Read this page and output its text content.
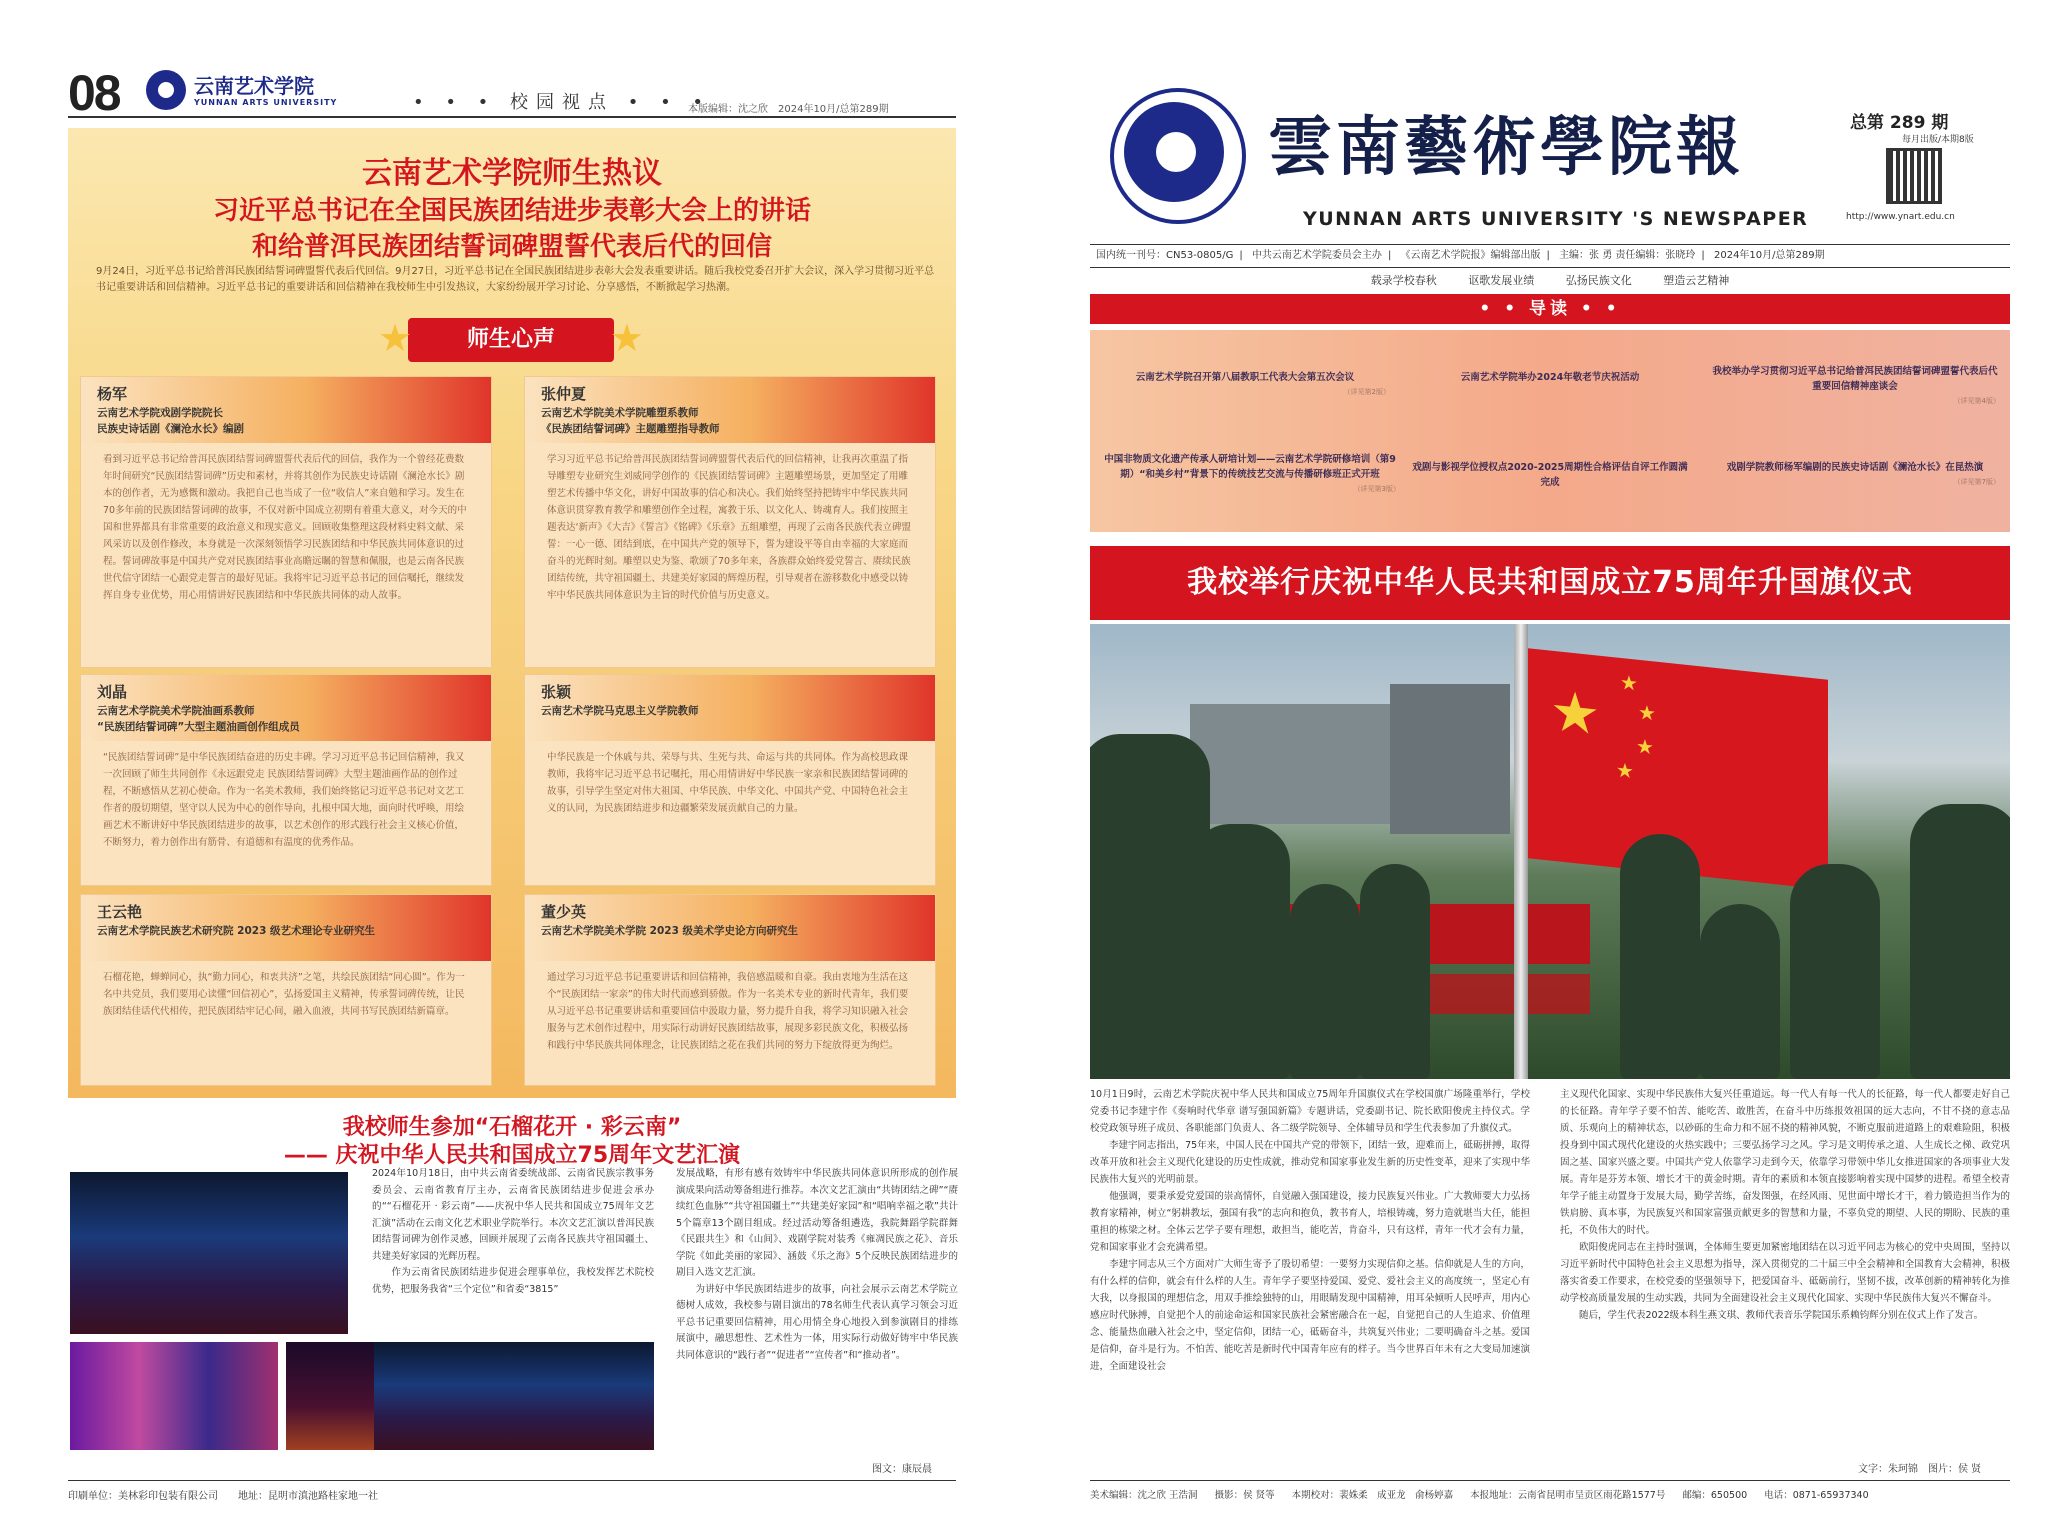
08	云南艺术学院
YUNNAN ARTS UNIVERSITY	• • • 校园视点 • • •
本版编辑：沈之欣　2024年10月/总第289期
云南艺术学院师生热议
习近平总书记在全国民族团结进步表彰大会上的讲话
和给普洱民族团结誓词碑盟誓代表后代的回信
9月24日，习近平总书记给普洱民族团结誓词碑盟誓代表后代回信。9月27日，习近平总书记在全国民族团结进步表彰大会发表重要讲话。随后我校党委召开扩大会议，深入学习贯彻习近平总书记重要讲话和回信精神。习近平总书记的重要讲话和回信精神在我校师生中引发热议，大家纷纷展开学习讨论、分享感悟，不断掀起学习热潮。
★ 师生心声 ★
杨军
云南艺术学院戏剧学院院长
民族史诗话剧《澜沧水长》编剧
看到习近平总书记给普洱民族团结誓词碑盟誓代表后代的回信，我作为一个曾经花费数年时间研究“民族团结誓词碑”历史和素材，并将其创作为民族史诗话剧《澜沧水长》剧本的创作者，无为感慨和激动。我把自己也当成了一位“收信人”来自勉和学习。发生在70多年前的民族团结誓词碑的故事，不仅对新中国成立初期有着重大意义，对今天的中国和世界都具有非常重要的政治意义和现实意义。回顾收集整理这段材料史料文献、采风采访以及创作修改，本身就是一次深刻领悟学习民族团结和中华民族共同体意识的过程。誓词碑故事是中国共产党对民族团结事业高瞻远瞩的智慧和佩服，也是云南各民族世代信守团结一心跟党走誓言的最好见证。我将牢记习近平总书记的回信嘱托，继续发挥自身专业优势，用心用情讲好民族团结和中华民族共同体的动人故事。
张仲夏
云南艺术学院美术学院雕塑系教师
《民族团结誓词碑》主题雕塑指导教师
学习习近平总书记给普洱民族团结誓词碑盟誓代表后代的回信精神，让我再次重温了指导雕塑专业研究生刘威同学创作的《民族团结誓词碑》主题雕塑场景，更加坚定了用雕塑艺术传播中华文化，讲好中国故事的信心和决心。我们始终坚持把铸牢中华民族共同体意识贯穿教育教学和雕塑创作全过程，寓教于乐、以文化人、铸魂育人。我们按照主题表达‘新声》《大吉》《誓言》《铭碑》《乐章》五组雕塑，再现了云南各民族代表立碑盟誓：一心一德、团结到底，在中国共产党的领导下，誓为建设平等自由幸福的大家庭而奋斗的光辉时刻。雕塑以史为鉴、歌颂了70多年来，各族群众始终爱党誓言、赓续民族团结传统，共守祖国疆土、共建美好家园的辉煌历程，引导观者在游移数化中感受以铸牢中华民族共同体意识为主旨的时代价值与历史意义。
刘晶
云南艺术学院美术学院油画系教师
“民族团结誓词碑”大型主题油画创作组成员
“民族团结誓词碑”是中华民族团结奋进的历史丰碑。学习习近平总书记回信精神，我又一次回顾了师生共同创作《永远跟党走 民族团结誓词碑》大型主题油画作品的创作过程，不断感悟从艺初心使命。作为一名美术教师，我们始终铭记习近平总书记对文艺工作者的殷切期望，坚守以人民为中心的创作导向，扎根中国大地，面向时代呼唤，用绘画艺术不断讲好中华民族团结进步的故事，以艺术创作的形式践行社会主义核心价值，不断努力，着力创作出有筋骨、有道德和有温度的优秀作品。
张颖
云南艺术学院马克思主义学院教师
中华民族是一个休戚与共、荣辱与共、生死与共、命运与共的共同体。作为高校思政课教师，我将牢记习近平总书记嘱托，用心用情讲好中华民族一家亲和民族团结誓词碑的故事，引导学生坚定对伟大祖国、中华民族、中华文化、中国共产党、中国特色社会主义的认同，为民族团结进步和边疆繁荣发展贡献自己的力量。
王云艳
云南艺术学院民族艺术研究院 2023 级艺术理论专业研究生
石榴花艳，蝉蝉同心，执“勤力同心，和衷共济”之笔，共绘民族团结“同心圆”。作为一名中共党员，我们要用心读懂“回信初心”，弘扬爱国主义精神，传承誓词碑传统，让民族团结佳话代代相传，把民族团结牢记心间，融入血液，共同书写民族团结新篇章。
董少英
云南艺术学院美术学院 2023 级美术学史论方向研究生
通过学习习近平总书记重要讲话和回信精神，我倍感温暖和自豪。我由衷地为生活在这个“民族团结一家亲”的伟大时代而感到骄傲。作为一名美术专业的新时代青年，我们要从习近平总书记重要讲话和重要回信中汲取力量，努力提升自我，将学习知识融入社会服务与艺术创作过程中，用实际行动讲好民族团结故事，展现多彩民族文化，积极弘扬和践行中华民族共同体理念，让民族团结之花在我们共同的努力下绽放得更为绚烂。
我校师生参加“石榴花开 · 彩云南”
—— 庆祝中华人民共和国成立75周年文艺汇演
2024年10月18日，由中共云南省委统战部、云南省民族宗教事务委员会、云南省教育厅主办，云南省民族团结进步促进会承办的““石榴花开 · 彩云南”——庆祝中华人民共和国成立75周年文艺汇演”活动在云南文化艺术职业学院举行。本次文艺汇演以普洱民族团结誓词碑为创作灵感，回顾并展现了云南各民族共守祖国疆土、共建美好家园的光辉历程。
　　作为云南省民族团结进步促进会理事单位，我校发挥艺术院校优势，把服务我省“三个定位”和省委“3815”
发展战略，有形有感有效铸牢中华民族共同体意识所形成的创作展演成果向活动筹备组进行推荐。本次文艺汇演由“共铸团结之碑”“赓续红色血脉”“共守祖国疆土”“共建美好家园”和“唱响幸福之歌”共计5个篇章13个剧目组成。经过活动筹备组遴选，我院舞蹈学院群舞《民跟共生》和《山间》、戏剧学院对装秀《雍凋民族之花》、音乐学院《如此美丽的家园》、涵鼓《乐之海》5个反映民族团结进步的剧目入选文艺汇演。
　　为讲好中华民族团结进步的故事，向社会展示云南艺术学院立德树人成效，我校参与剧目演出的78名师生代表认真学习领会习近平总书记重要回信精神，用心用情全身心地投入到参演剧目的排练展演中，融思想性、艺术性为一体，用实际行动做好铸牢中华民族共同体意识的“践行者”“促进者”“宣传者”和“推动者”。
图文：康辰晨
印刷单位：美林彩印包装有限公司　　地址：昆明市滇池路桂家地一社
雲南藝術學院報
YUNNAN ARTS UNIVERSITY 'S NEWSPAPER
总第 289 期
每月出版/本期8版
http://www.ynart.edu.cn
国内统一刊号：CN53-0805/G | 中共云南艺术学院委员会主办 | 《云南艺术学院报》编辑部出版 | 主编：张 勇 责任编辑：张晓玲 | 2024年10月/总第289期
载录学校春秋	讴歌发展业绩	弘扬民族文化	塑造云艺精神
• • 导读 • •
云南艺术学院召开第八届教职工代表大会第五次会议
（详见第2版）
云南艺术学院举办2024年敬老节庆祝活动
我校举办学习贯彻习近平总书记给普洱民族团结誓词碑盟誓代表后代重要回信精神座谈会
（详见第4版）
中国非物质文化遗产传承人研培计划——云南艺术学院研修培训（第9期）“和美乡村”背景下的传统技艺交流与传播研修班正式开班
（详见第3版）
戏剧与影视学位授权点2020-2025周期性合格评估自评工作圆满完成
戏剧学院教师杨军编剧的民族史诗话剧《澜沧水长》在昆热演
（详见第7版）
我校举行庆祝中华人民共和国成立75周年升国旗仪式
★ ★
★
★
★
10月1日9时，云南艺术学院庆祝中华人民共和国成立75周年升国旗仪式在学校国旗广场隆重举行，学校党委书记李建宇作《奏响时代华章 谱写强国新篇》专题讲话，党委副书记、院长欧阳俊虎主持仪式。学校党政领导班子成员、各职能部门负责人、各二级学院领导、全体辅导员和学生代表参加了升旗仪式。
　　李建宇同志指出，75年来，中国人民在中国共产党的带领下，团结一致，迎难而上，砥砺拼搏，取得改革开放和社会主义现代化建设的历史性成就，推动党和国家事业发生新的历史性变革，迎来了实现中华民族伟大复兴的光明前景。
　　他强调，要秉承爱党爱国的崇高情怀，自觉融入强国建设，接力民族复兴伟业。广大教师要大力弘扬教育家精神，树立“躬耕教坛，强国有我”的志向和抱负，教书育人，培根铸魂，努力造就堪当大任，能担重担的栋梁之材。全体云艺学子要有理想，敢担当，能吃苦，肯奋斗，只有这样，青年一代才会有力量，党和国家事业才会充满希望。
　　李建宇同志从三个方面对广大师生寄予了殷切希望：一要努力实现信仰之基。信仰就是人生的方向，有什么样的信仰，就会有什么样的人生。青年学子要坚持爱国、爱党、爱社会主义的高度统一，坚定心有大我，以身报国的理想信念，用双手推绘独特的山，用眼睛发现中国精神，用耳朵倾听人民呼声，用内心感应时代脉搏，自觉把个人的前途命运和国家民族社会紧密融合在一起，自觉把自己的人生追求、价值理念、能量热血融入社会之中，坚定信仰，团结一心，砥砺奋斗，共筑复兴伟业；二要明确奋斗之基。爱国是信仰，奋斗是行为。不怕苦、能吃苦是新时代中国青年应有的样子。当今世界百年未有之大变局加速演进，全面建设社会
主义现代化国家、实现中华民族伟大复兴任重道远。每一代人有每一代人的长征路，每一代人都要走好自己的长征路。青年学子要不怕苦、能吃苦、敢胜苦，在奋斗中历练报效祖国的远大志向，不甘不挠的意志品质、乐观向上的精神状态，以砂砾的生命力和不屈不挠的精神风貌，不断克服前进道路上的艰难险阻，积极投身到中国式现代化建设的火热实践中；三要弘扬学习之风。学习是文明传承之道、人生成长之梯、政党巩固之基、国家兴盛之要。中国共产党人依靠学习走到今天，依靠学习带领中华儿女推进国家的各项事业大发展。青年是芬芳本领、增长才干的黄金时期。青年的素质和本领直接影响着实现中国梦的进程。希望全校青年学子能主动置身于发展大局，勤学苦练，奋发图强，在经风雨、见世面中增长才干，着力锻造担当作为的铁肩膀、真本事，为民族复兴和国家富强贡献更多的智慧和力量，不辜负党的期望、人民的期盼、民族的重托，不负伟大的时代。
　　欧阳俊虎同志在主持时强调，全体师生要更加紧密地团结在以习近平同志为核心的党中央周围，坚持以习近平新时代中国特色社会主义思想为指导，深入贯彻党的二十届三中全会精神和全国教育大会精神，积极落实省委工作要求，在校党委的坚强领导下，把爱国奋斗、砥砺前行，坚韧不拔，改革创新的精神转化为推动学校高质量发展的生动实践，共同为全面建设社会主义现代化国家、实现中华民族伟大复兴不懈奋斗。
　　随后，学生代表2022级本科生燕文琪、教师代表音乐学院国乐系赖钧辉分别在仪式上作了发言。
文字：朱珂锦　图片：侯 贤
美术编辑：沈之欣 王浩洞 摄影：侯 贤等 本期校对：裴姝柔　成亚龙　俞杨婷嘉 本报地址：云南省昆明市呈贡区雨花路1577号 邮编：650500 电话：0871-65937340
